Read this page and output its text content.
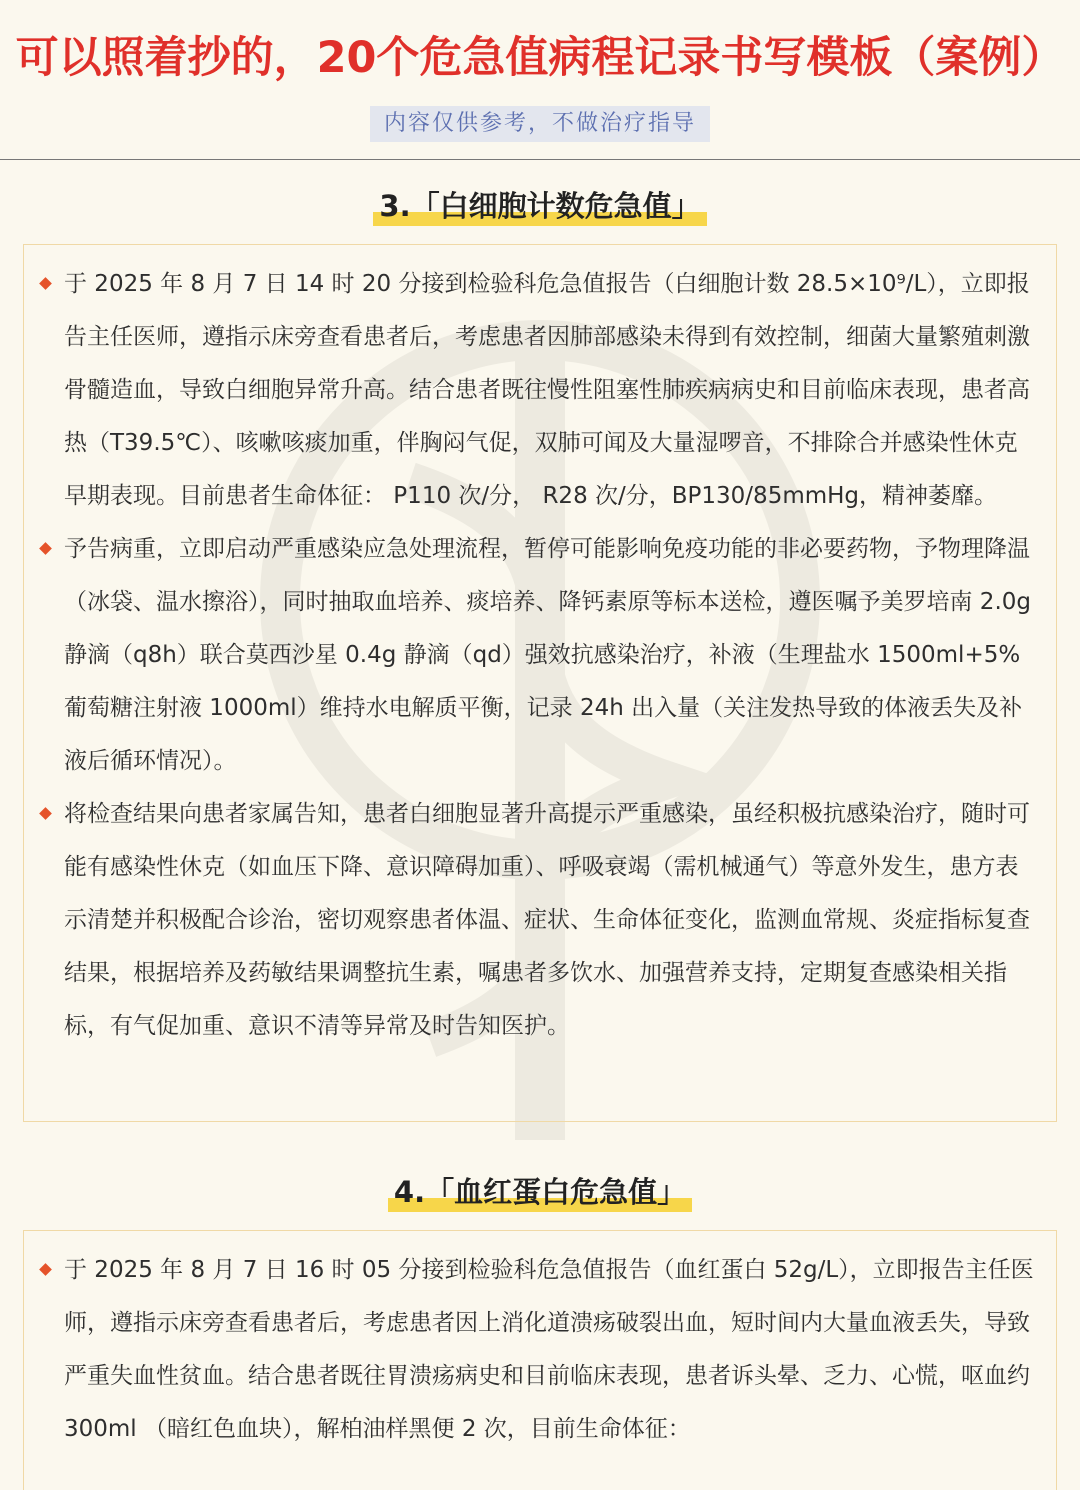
可以照着抄的，20个危急值病程记录书写模板（案例）
内容仅供参考，不做治疗指导
3.「白细胞计数危急值」
于 2025 年 8 月 7 日 14 时 20 分接到检验科危急值报告（白细胞计数 28.5×10⁹/L），立即报告主任医师，遵指示床旁查看患者后，考虑患者因肺部感染未得到有效控制，细菌大量繁殖刺激骨髓造血，导致白细胞异常升高。结合患者既往慢性阻塞性肺疾病病史和目前临床表现，患者高热（T39.5℃）、咳嗽咳痰加重，伴胸闷气促，双肺可闻及大量湿啰音，不排除合并感染性休克早期表现。目前患者生命体征： P110 次/分， R28 次/分，BP130/85mmHg，精神萎靡。
予告病重，立即启动严重感染应急处理流程，暂停可能影响免疫功能的非必要药物，予物理降温（冰袋、温水擦浴），同时抽取血培养、痰培养、降钙素原等标本送检，遵医嘱予美罗培南 2.0g 静滴（q8h）联合莫西沙星 0.4g 静滴（qd）强效抗感染治疗，补液（生理盐水 1500ml+5%葡萄糖注射液 1000ml）维持水电解质平衡，记录 24h 出入量（关注发热导致的体液丢失及补液后循环情况）。
将检查结果向患者家属告知，患者白细胞显著升高提示严重感染，虽经积极抗感染治疗，随时可能有感染性休克（如血压下降、意识障碍加重）、呼吸衰竭（需机械通气）等意外发生，患方表示清楚并积极配合诊治，密切观察患者体温、症状、生命体征变化，监测血常规、炎症指标复查结果，根据培养及药敏结果调整抗生素，嘱患者多饮水、加强营养支持，定期复查感染相关指标，有气促加重、意识不清等异常及时告知医护。
4.「血红蛋白危急值」
于 2025 年 8 月 7 日 16 时 05 分接到检验科危急值报告（血红蛋白 52g/L），立即报告主任医师，遵指示床旁查看患者后，考虑患者因上消化道溃疡破裂出血，短时间内大量血液丢失，导致严重失血性贫血。结合患者既往胃溃疡病史和目前临床表现，患者诉头晕、乏力、心慌，呕血约 300ml （暗红色血块），解柏油样黑便 2 次，目前生命体征：
